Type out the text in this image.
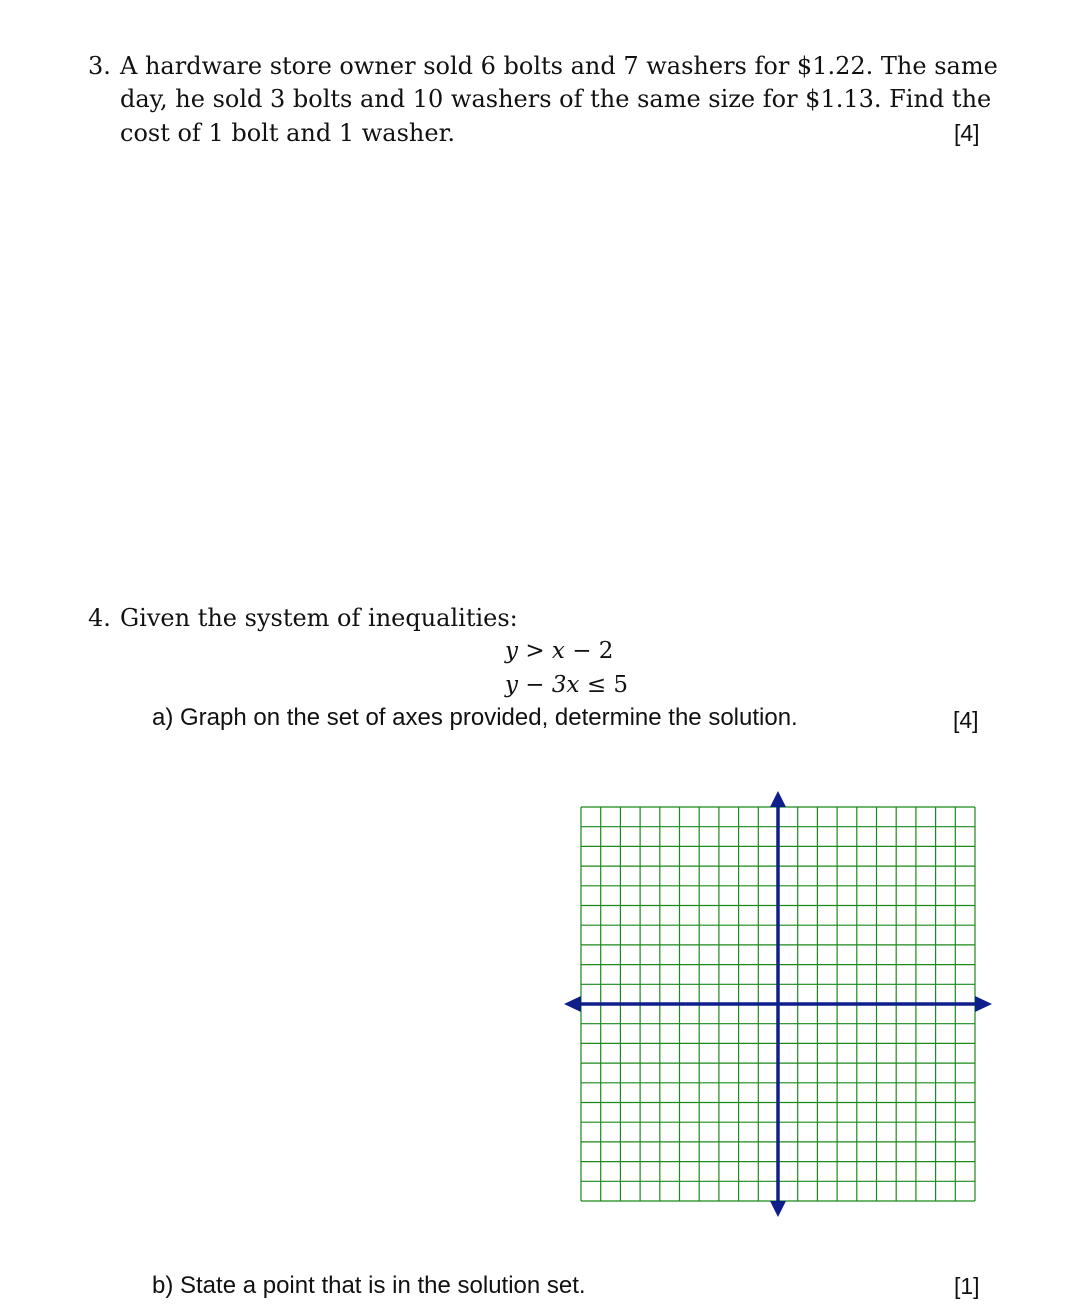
3. A hardware store owner sold 6 bolts and 7 washers for $1.22. The same
day, he sold 3 bolts and 10 washers of the same size for $1.13. Find the
cost of 1 bolt and 1 washer.	[4]
4. Given the system of inequalities:
y > x − 2
y − 3x ≤ 5
a) Graph on the set of axes provided, determine the solution.	[4]
b) State a point that is in the solution set.	[1]
